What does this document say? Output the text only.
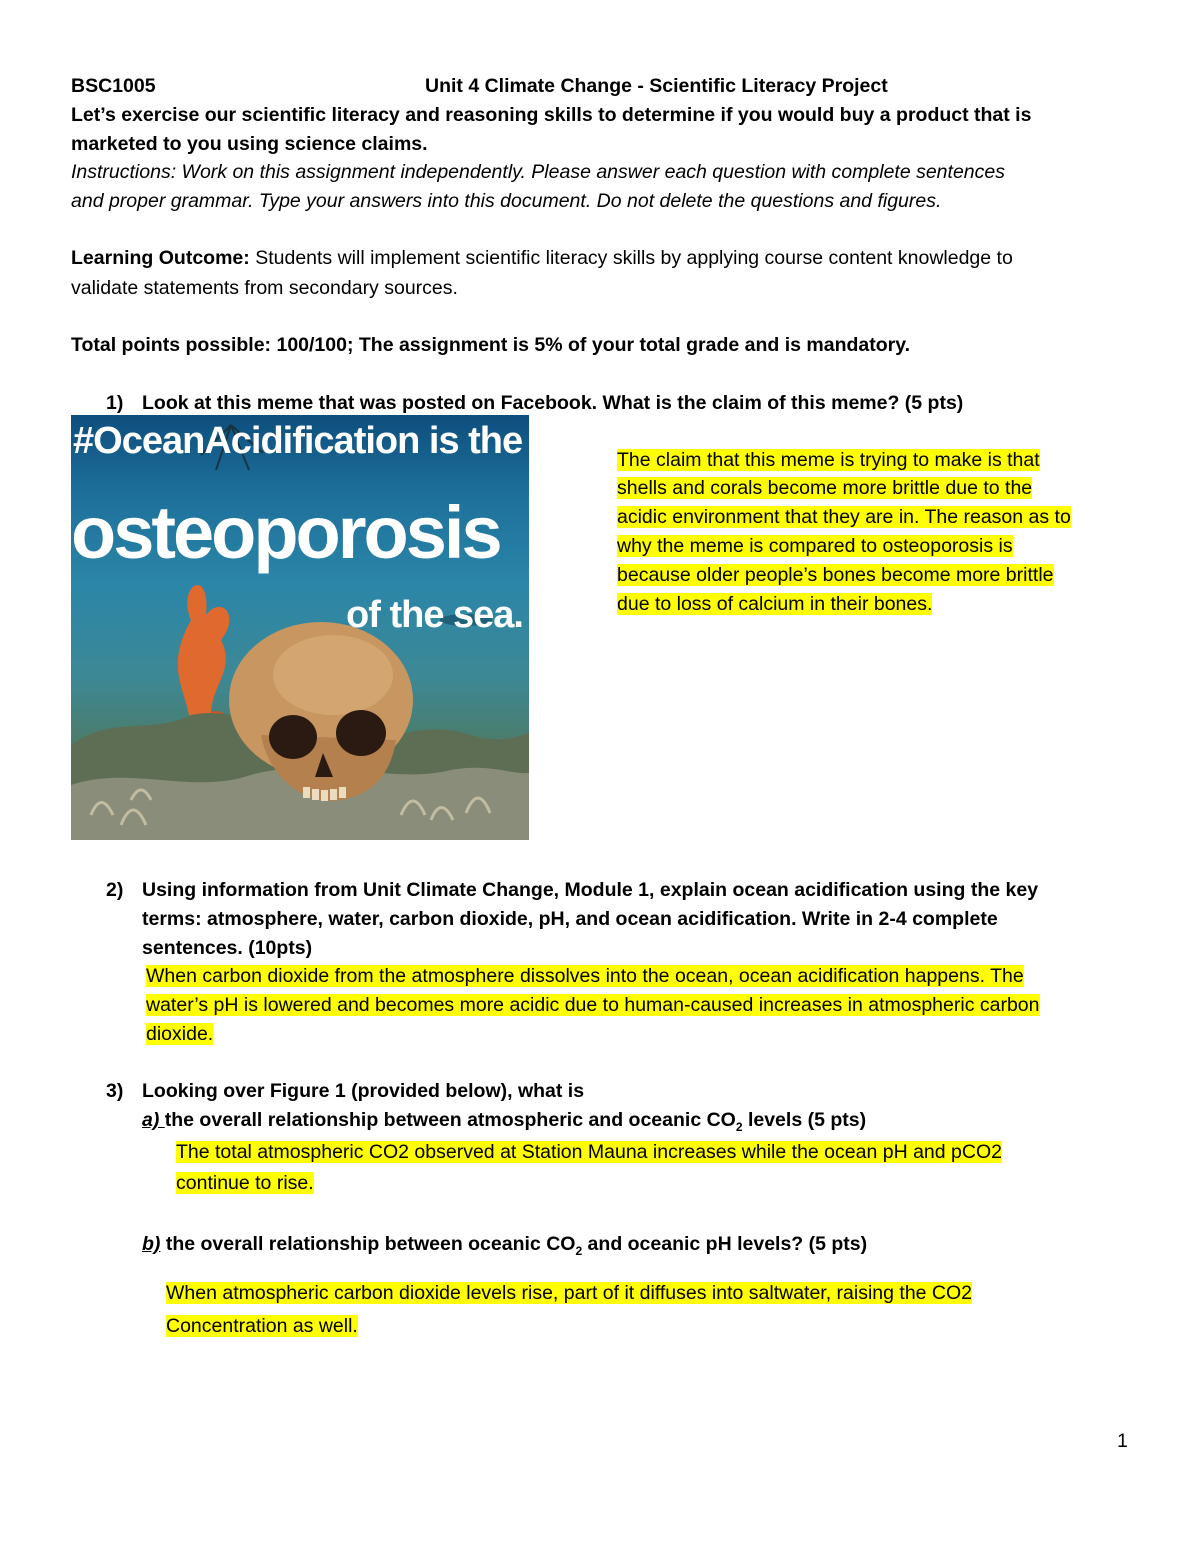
BSC1005	Unit 4 Climate Change - Scientific Literacy Project
Let’s exercise our scientific literacy and reasoning skills to determine if you would buy a product that is
marketed to you using science claims.
Instructions: Work on this assignment independently. Please answer each question with complete sentences
and proper grammar. Type your answers into this document. Do not delete the questions and figures.
Learning Outcome: Students will implement scientific literacy skills by applying course content knowledge to
validate statements from secondary sources.
Total points possible: 100/100; The assignment is 5% of your total grade and is mandatory.
1) Look at this meme that was posted on Facebook. What is the claim of this meme? (5 pts)
#OceanAcidification is the
osteoporosis
of the sea.
The claim that this meme is trying to make is that
shells and corals become more brittle due to the
acidic environment that they are in. The reason as to
why the meme is compared to osteoporosis is
because older people’s bones become more brittle
due to loss of calcium in their bones.
2) Using information from Unit Climate Change, Module 1, explain ocean acidification using the key
terms: atmosphere, water, carbon dioxide, pH, and ocean acidification. Write in 2-4 complete
sentences. (10pts)
When carbon dioxide from the atmosphere dissolves into the ocean, ocean acidification happens. The
water’s pH is lowered and becomes more acidic due to human-caused increases in atmospheric carbon
dioxide.
3) Looking over Figure 1 (provided below), what is
a) the overall relationship between atmospheric and oceanic $CO_2$ levels (5 pts)
The total atmospheric CO2 observed at Station Mauna increases while the ocean pH and pCO2
continue to rise.
b) the overall relationship between oceanic $CO_2$ and oceanic pH levels? (5 pts)
When atmospheric carbon dioxide levels rise, part of it diffuses into saltwater, raising the CO2
Concentration as well.
1
